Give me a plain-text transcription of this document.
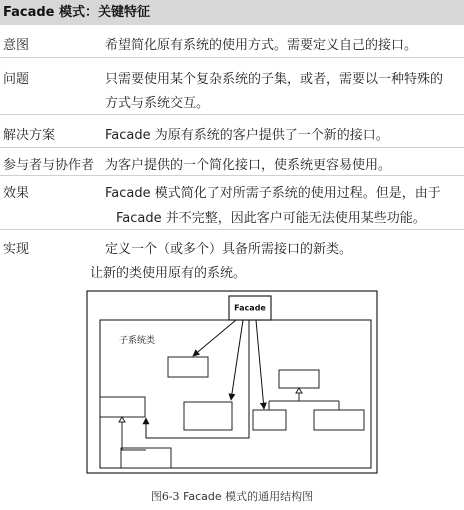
Facade 模式：关键特征
意图	希望简化原有系统的使用方式。需要定义自己的接口。
问题	只需要使用某个复杂系统的子集，或者，需要以一种特殊的
方式与系统交互。
解决方案	Facade 为原有系统的客户提供了一个新的接口。
参与者与协作者 为客户提供的一个简化接口，使系统更容易使用。
效果	Facade 模式简化了对所需子系统的使用过程。但是，由于
Facade 并不完整，因此客户可能无法使用某些功能。
实现	定义一个（或多个）具备所需接口的新类。
让新的类使用原有的系统。
子系统类
Facade
图6-3 Facade 模式的通用结构图
